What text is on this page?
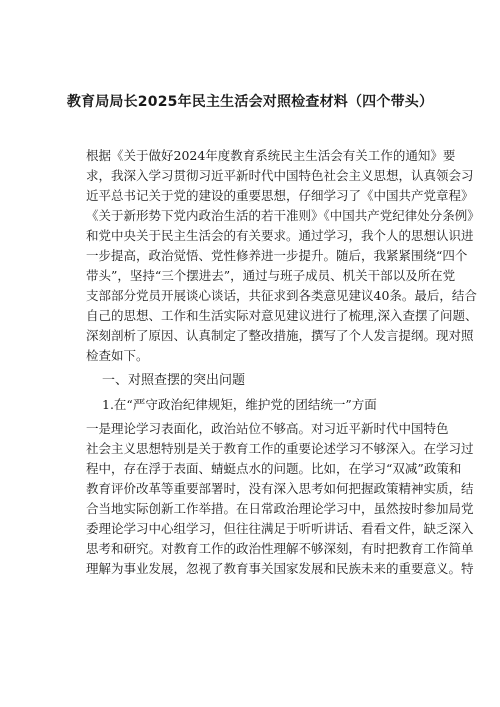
教育局局长2025年民主生活会对照检查材料（四个带头）
根据《关于做好2024年度教育系统民主生活会有关工作的通知》要
求，我深入学习贯彻习近平新时代中国特色社会主义思想，认真领会习
近平总书记关于党的建设的重要思想，仔细学习了《中国共产党章程》
《关于新形势下党内政治生活的若干准则》《中国共产党纪律处分条例》
和党中央关于民主生活会的有关要求。通过学习，我个人的思想认识进
一步提高，政治觉悟、党性修养进一步提升。随后，我紧紧围绕“四个
带头”，坚持“三个摆进去”，通过与班子成员、机关干部以及所在党
支部部分党员开展谈心谈话，共征求到各类意见建议40条。最后，结合
自己的思想、工作和生活实际对意见建议进行了梳理,深入查摆了问题、
深刻剖析了原因、认真制定了整改措施，撰写了个人发言提纲。现对照
检查如下。
一、对照查摆的突出问题
1.在“严守政治纪律规矩，维护党的团结统一”方面
一是理论学习表面化，政治站位不够高。对习近平新时代中国特色
社会主义思想特别是关于教育工作的重要论述学习不够深入。在学习过
程中，存在浮于表面、蜻蜓点水的问题。比如，在学习“双减”政策和
教育评价改革等重要部署时，没有深入思考如何把握政策精神实质，结
合当地实际创新工作举措。在日常政治理论学习中，虽然按时参加局党
委理论学习中心组学习，但往往满足于听听讲话、看看文件，缺乏深入
思考和研究。对教育工作的政治性理解不够深刻，有时把教育工作简单
理解为事业发展，忽视了教育事关国家发展和民族未来的重要意义。特
